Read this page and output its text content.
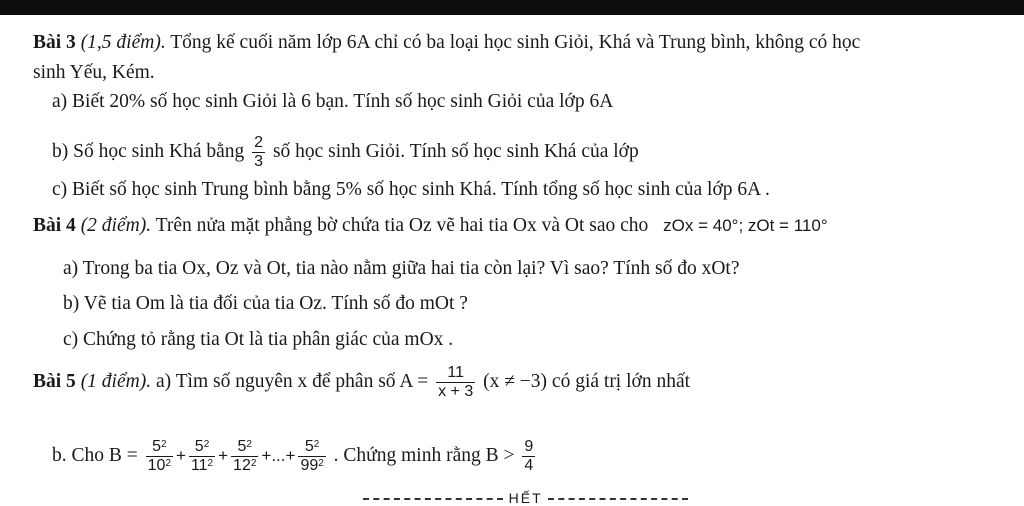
Bài 3 (1,5 điểm). Tổng kế cuối năm lớp 6A chỉ có ba loại học sinh Giỏi, Khá và Trung bình, không có học
sinh Yếu, Kém.
a) Biết 20% số học sinh Giỏi là 6 bạn. Tính số học sinh Giỏi của lớp 6A
b) Số học sinh Khá bằng $\frac{2}{3}$ số học sinh Giỏi. Tính số học sinh Khá của lớp
c) Biết số học sinh Trung bình bằng 5% số học sinh Khá. Tính tổng số học sinh của lớp 6A .
Bài 4 (2 điểm). Trên nửa mặt phẳng bờ chứa tia Oz vẽ hai tia Ox và Ot sao cho zOx = 40°; zOt = 110°
a) Trong ba tia Ox, Oz và Ot, tia nào nằm giữa hai tia còn lại? Vì sao? Tính số đo xOt?
b) Vẽ tia Om là tia đối của tia Oz. Tính số đo mOt ?
c) Chứng tỏ rằng tia Ot là tia phân giác của mOx .
Bài 5 (1 điểm). a) Tìm số nguyên x để phân số $A = \frac{11}{x + 3} (x \ne -3)$ có giá trị lớn nhất
b. Cho $B = \frac{5^2}{10^2} + \frac{5^2}{11^2} + \frac{5^2}{12^2}$ +...+ $\frac{5^2}{99^2}$ . Chứng minh rằng $B > \frac{9}{4}$
HẾT
